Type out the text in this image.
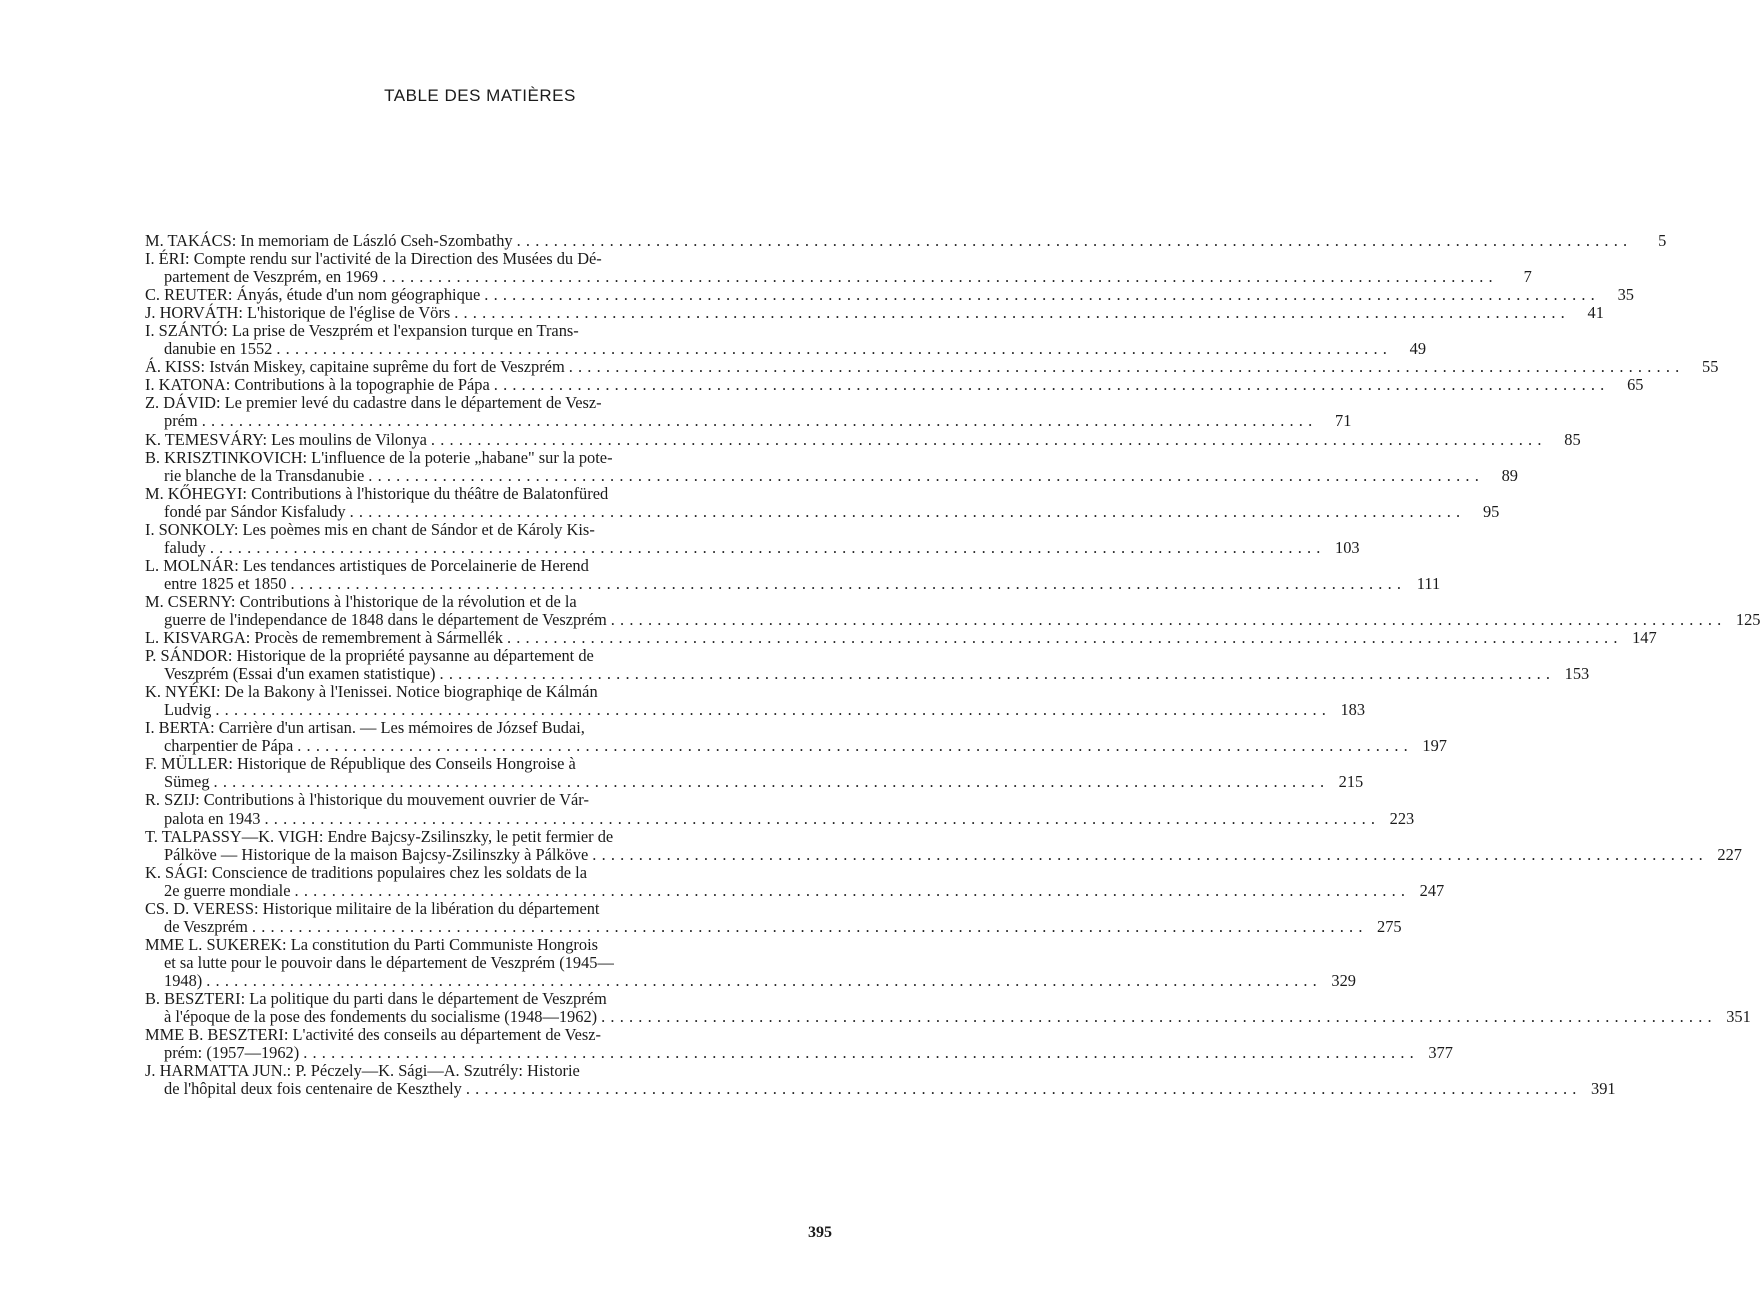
TABLE DES MATIÈRES
M. TAKÁCS: In memoriam de László Cseh-Szombathy ........................................................................................................................	5
I. ÉRI: Compte rendu sur l'activité de la Direction des Musées du Dé-
partement de Veszprém, en 1969 ........................................................................................................................	7
C. REUTER: Ányás, étude d'un nom géographique ........................................................................................................................	35
J. HORVÁTH: L'historique de l'église de Vörs ........................................................................................................................	41
I. SZÁNTÓ: La prise de Veszprém et l'expansion turque en Trans-
danubie en 1552 ........................................................................................................................	49
Á. KISS: István Miskey, capitaine suprême du fort de Veszprém ........................................................................................................................	55
I. KATONA: Contributions à la topographie de Pápa ........................................................................................................................	65
Z. DÁVID: Le premier levé du cadastre dans le département de Vesz-
prém ........................................................................................................................	71
K. TEMESVÁRY: Les moulins de Vilonya ........................................................................................................................	85
B. KRISZTINKOVICH: L'influence de la poterie „habane" sur la pote-
rie blanche de la Transdanubie ........................................................................................................................	89
M. KŐHEGYI: Contributions à l'historique du théâtre de Balatonfüred
fondé par Sándor Kisfaludy ........................................................................................................................	95
I. SONKOLY: Les poèmes mis en chant de Sándor et de Károly Kis-
faludy ........................................................................................................................ 103
L. MOLNÁR: Les tendances artistiques de Porcelainerie de Herend
entre 1825 et 1850 ........................................................................................................................ 111
M. CSERNY: Contributions à l'historique de la révolution et de la
guerre de l'independance de 1848 dans le département de Veszprém ........................................................................................................................ 125
L. KISVARGA: Procès de remembrement à Sármellék ........................................................................................................................ 147
P. SÁNDOR: Historique de la propriété paysanne au département de
Veszprém (Essai d'un examen statistique) ........................................................................................................................ 153
K. NYÉKI: De la Bakony à l'Ienissei. Notice biographiqe de Kálmán
Ludvig ........................................................................................................................ 183
I. BERTA: Carrière d'un artisan. — Les mémoires de József Budai,
charpentier de Pápa ........................................................................................................................ 197
F. MÜLLER: Historique de République des Conseils Hongroise à
Sümeg ........................................................................................................................ 215
R. SZIJ: Contributions à l'historique du mouvement ouvrier de Vár-
palota en 1943 ........................................................................................................................ 223
T. TALPASSY—K. VIGH: Endre Bajcsy-Zsilinszky, le petit fermier de
Pálköve — Historique de la maison Bajcsy-Zsilinszky à Pálköve ........................................................................................................................ 227
K. SÁGI: Conscience de traditions populaires chez les soldats de la
2e guerre mondiale ........................................................................................................................ 247
CS. D. VERESS: Historique militaire de la libération du département
de Veszprém ........................................................................................................................ 275
MME L. SUKEREK: La constitution du Parti Communiste Hongrois
et sa lutte pour le pouvoir dans le département de Veszprém (1945—
1948) ........................................................................................................................ 329
B. BESZTERI: La politique du parti dans le département de Veszprém
à l'époque de la pose des fondements du socialisme (1948—1962) ........................................................................................................................ 351
MME B. BESZTERI: L'activité des conseils au département de Vesz-
prém: (1957—1962) ........................................................................................................................ 377
J. HARMATTA JUN.: P. Péczely—K. Sági—A. Szutrély: Historie
de l'hôpital deux fois centenaire de Keszthely ........................................................................................................................ 391
395
